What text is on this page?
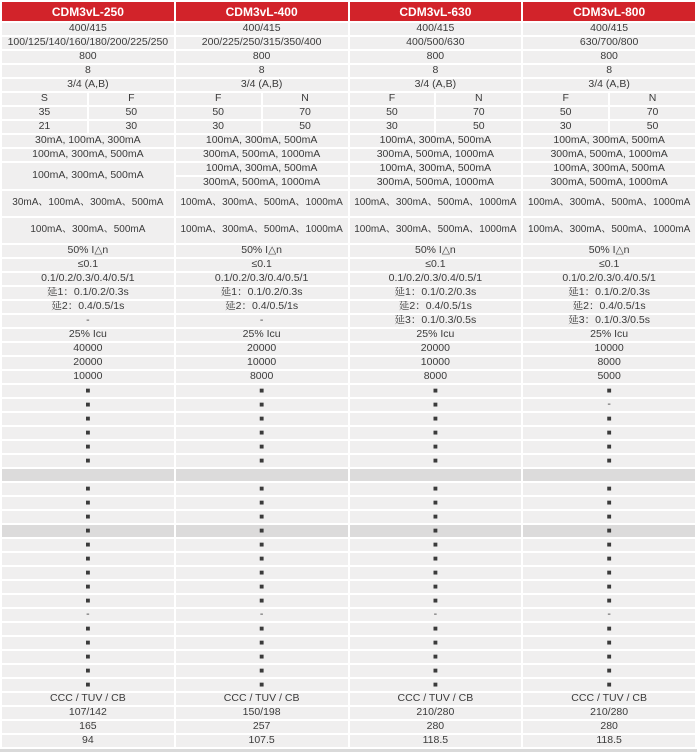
CDM3vL-250		CDM3vL-400		CDM3vL-630		CDM3vL-800	
400/415		400/415		400/415		400/415	
100/125/140/160/180/200/225/250		200/225/250/315/350/400		400/500/630		630/700/800	
800		800		800		800	
8		8		8		8	
3/4 (A,B)		3/4 (A,B)		3/4 (A,B)		3/4 (A,B)	
S	F	F	N	F	N	F	N
35	50	50	70	50	70	50	70
21	30	30	50	30	50	30	50
30mA, 100mA, 300mA		100mA, 300mA, 500mA		100mA, 300mA, 500mA		100mA, 300mA, 500mA	
100mA, 300mA, 500mA		300mA, 500mA, 1000mA		300mA, 500mA, 1000mA		300mA, 500mA, 1000mA	
100mA, 300mA, 500mA		100mA, 300mA, 500mA		100mA, 300mA, 500mA		100mA, 300mA, 500mA	
		300mA, 500mA, 1000mA		300mA, 500mA, 1000mA		300mA, 500mA, 1000mA	
30mA、100mA、300mA、500mA		100mA、300mA、500mA、1000mA		100mA、300mA、500mA、1000mA		100mA、300mA、500mA、1000mA	
100mA、300mA、500mA		100mA、300mA、500mA、1000mA		100mA、300mA、500mA、1000mA		100mA、300mA、500mA、1000mA	
50% I△n		50% I△n		50% I△n		50% I△n	
≤0.1		≤0.1		≤0.1		≤0.1	
0.1/0.2/0.3/0.4/0.5/1		0.1/0.2/0.3/0.4/0.5/1		0.1/0.2/0.3/0.4/0.5/1		0.1/0.2/0.3/0.4/0.5/1	
延1：0.1/0.2/0.3s		延1：0.1/0.2/0.3s		延1：0.1/0.2/0.3s		延1：0.1/0.2/0.3s	
延2：0.4/0.5/1s		延2：0.4/0.5/1s		延2：0.4/0.5/1s		延2：0.4/0.5/1s	
-		-		延3：0.1/0.3/0.5s		延3：0.1/0.3/0.5s	
25% Icu		25% Icu		25% Icu		25% Icu	
40000		20000		20000		10000	
20000		10000		10000		8000	
10000		8000		8000		5000	
■		■		■		■	
■		■		■		-	
■		■		■		■	
■		■		■		■	
■		■		■		■	
■		■		■		■	

■		■		■		■	
■		■		■		■	
■		■		■		■	
■		■		■		■	
■		■		■		■	
■		■		■		■	
■		■		■		■	
■		■		■		■	
■		■		■		■	
-		-		-		-	
■		■		■		■	
■		■		■		■	
■		■		■		■	
■		■		■		■	
■		■		■		■	
CCC / TUV / CB		CCC / TUV / CB		CCC / TUV / CB		CCC / TUV / CB	
107/142		150/198		210/280		210/280	
165		257		280		280	
94		107.5		118.5		118.5	
